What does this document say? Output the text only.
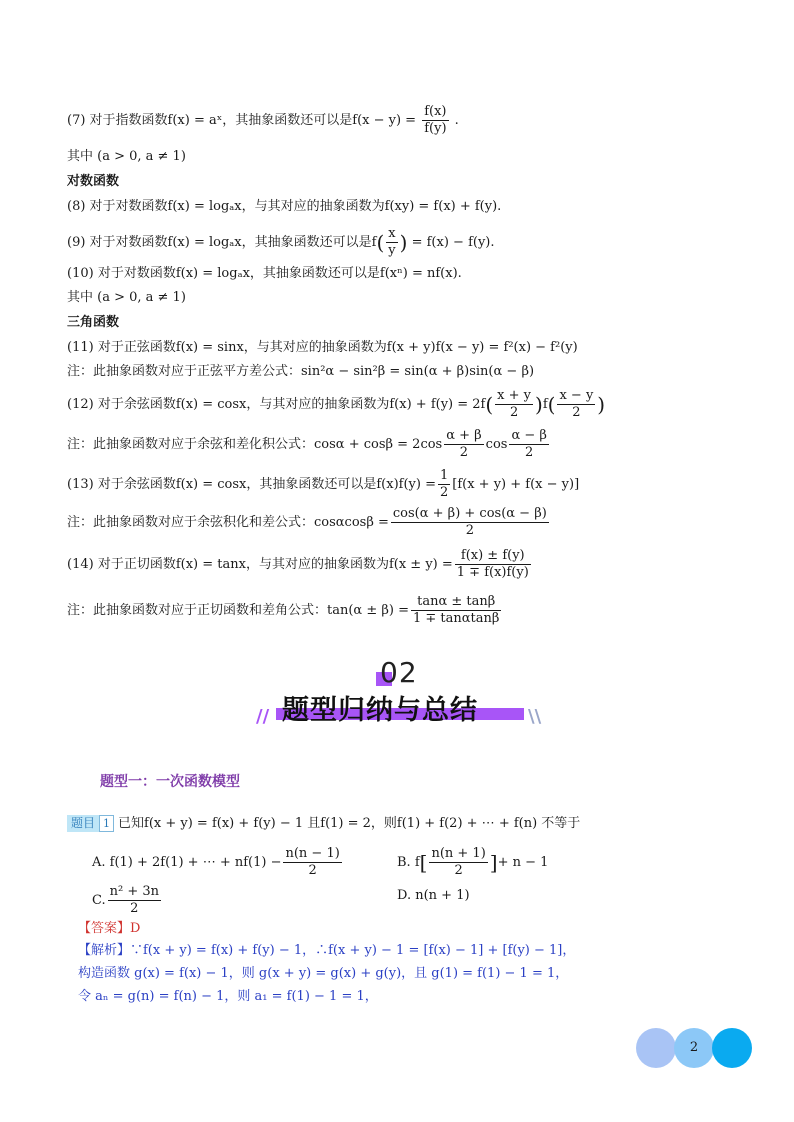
(7) 对于指数函数f(x) = aˣ，其抽象函数还可以是$f(x - y) = \frac{f(x)}{f(y)}$ .
其中 (a > 0, a ≠ 1)
对数函数
(8) 对于对数函数f(x) = logₐx，与其对应的抽象函数为f(xy) = f(x) + f(y).
(9) 对于对数函数f(x) = logₐx，其抽象函数还可以是$f( \frac{x}{y}$ ) = f(x) − f(y).
(10) 对于对数函数f(x) = logₐx，其抽象函数还可以是f(xⁿ) = nf(x).
其中 (a > 0, a ≠ 1)
三角函数
(11) 对于正弦函数f(x) = sinx，与其对应的抽象函数为f(x + y)f(x − y) = f²(x) − f²(y)
注：此抽象函数对应于正弦平方差公式：sin²α − sin²β = sin(α + β)sin(α − β)
(12) 对于余弦函数f(x) = cosx，与其对应的抽象函数为$f(x) + f(y) = 2f( \frac{x + y}{2} )f( \frac{x - y}{2}$ )
注：此抽象函数对应于余弦和差化积公式：$\cos\alpha + \cos\beta = 2\cos \frac{\alpha + \beta}{2}$ $\cos \frac{\alpha - \beta}{2}$
(13) 对于余弦函数f(x) = cosx，其抽象函数还可以是$f(x)f(y) = \frac{1}{2} [f(x + y) + f(x - y)]$
注：此抽象函数对应于余弦积化和差公式：$\cos\alpha\cos\beta = \frac{\cos(\alpha + \beta) + \cos(\alpha - \beta)}{2}$
(14) 对于正切函数f(x) = tanx，与其对应的抽象函数为$f(x \pm y) = \frac{f(x) \pm f(y)}{1 \mp f(x)f(y)}$
注：此抽象函数对应于正切函数和差角公式：$\tan(\alpha \pm \beta) = \frac{\tan\alpha \pm \tan\beta}{1 \mp \tan\alpha\tan\beta}$
02
题型归纳与总结
//	\\
题型一：一次函数模型
题目 1 已知f(x + y) = f(x) + f(y) − 1 且f(1) = 2，则f(1) + f(2) + ⋯ + f(n) 不等于
A. f(1) + 2f(1) + ⋯ + $nf(1) - \frac{n(n - 1)}{2}$	B. $f[ \frac{n(n + 1)}{2}$ ]+ n − 1
C. $\frac{\text{n² + 3n}}{2}$	D. n(n + 1)
【答案】D
【解析】∵f(x + y) = f(x) + f(y) − 1，∴f(x + y) − 1 = [f(x) − 1] + [f(y) − 1]，
构造函数 g(x) = f(x) − 1，则 g(x + y) = g(x) + g(y)，且 g(1) = f(1) − 1 = 1，
令 aₙ = g(n) = f(n) − 1，则 a₁ = f(1) − 1 = 1，
2
